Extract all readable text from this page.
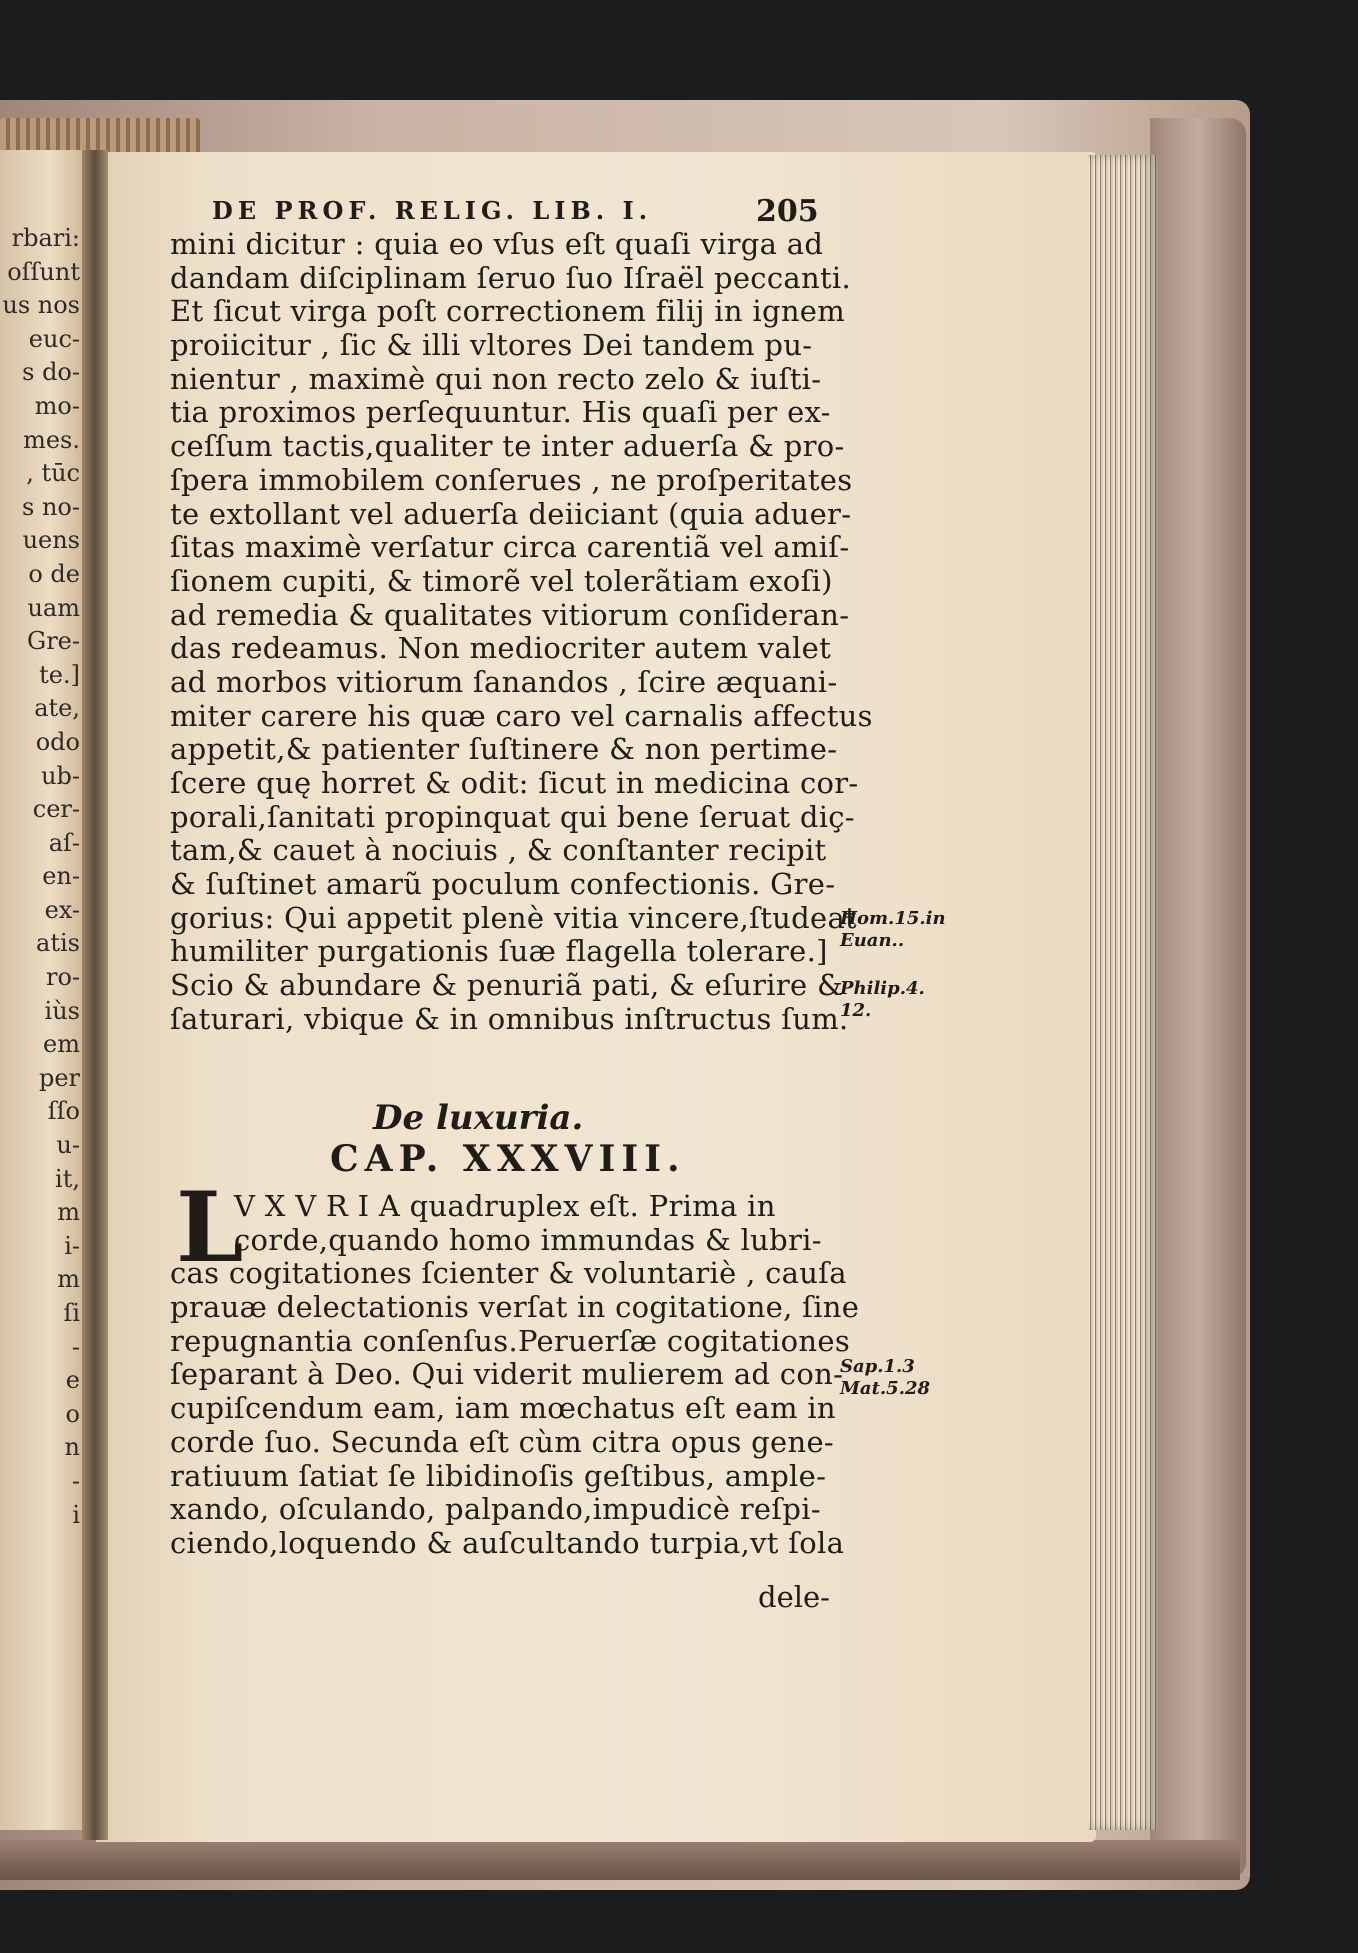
rbari:
oſſunt
us nos
euc-
s do-
mo-
mes.
, tūc
s no-
uens
o de
uam
Gre-
te.]
ate,
odo
ub-
cer-
aſ-
en-
ex-
atis
ro-
iùs
em
per
ſſo
u-
it,
m
i-
m
ſi
-
e
o
n
-
i
DE PROF. RELIG. LIB. I.	205
mini dicitur : quia eo vſus eſt quaſi virga ad
dandam diſciplinam ſeruo ſuo Iſraël peccanti.
Et ſicut virga poſt correctionem filij in ignem
proiicitur , ſic & illi vltores Dei tandem pu-
nientur , maximè qui non recto zelo & iuſti-
tia proximos perſequuntur. His quaſi per ex-
ceſſum tactis,qualiter te inter aduerſa & pro-
ſpera immobilem conſerues , ne proſperitates
te extollant vel aduerſa deiiciant (quia aduer-
ſitas maximè verſatur circa carentiã vel amiſ-
ſionem cupiti, & timorẽ vel tolerãtiam exoſi)
ad remedia & qualitates vitiorum conſideran-
das redeamus. Non mediocriter autem valet
ad morbos vitiorum ſanandos , ſcire æquani-
miter carere his quæ caro vel carnalis affectus
appetit,& patienter ſuſtinere & non pertime-
ſcere quę horret & odit: ſicut in medicina cor-
porali,ſanitati propinquat qui bene ſeruat diç-
tam,& cauet à nociuis , & conſtanter recipit
& ſuſtinet amarũ poculum confectionis. Gre-
gorius: Qui appetit plenè vitia vincere,ſtudeat
humiliter purgationis ſuæ flagella tolerare.]
Scio & abundare & penuriã pati, & eſurire &
ſaturari, vbique & in omnibus inſtructus ſum.
De luxuria.
CAP. XXXVIII.
L
V X V R I A quadruplex eſt. Prima in
corde,quando homo immundas & lubri-
cas cogitationes ſcienter & voluntariè , cauſa
prauæ delectationis verſat in cogitatione, ſine
repugnantia conſenſus.Peruerſæ cogitationes
ſeparant à Deo. Qui viderit mulierem ad con-
cupiſcendum eam, iam mœchatus eſt eam in
corde ſuo. Secunda eſt cùm citra opus gene-
ratiuum ſatiat ſe libidinoſis geſtibus, ample-
xando, oſculando, palpando,impudicè reſpi-
ciendo,loquendo & auſcultando turpia,vt ſola
dele-
Hom.15.in
Euan..
Philip.4.
12.
Sap.1.3
Mat.5.28
